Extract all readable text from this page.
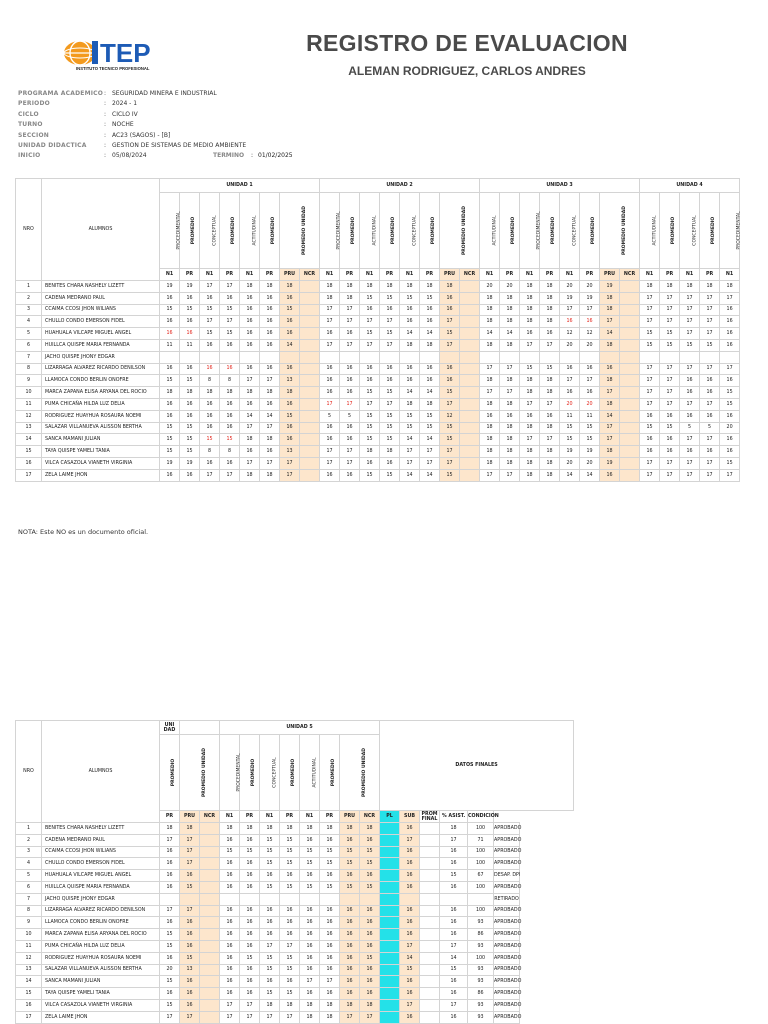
TEP
INSTITUTO TECNICO PROFESIONAL
REGISTRO DE EVALUACION
ALEMAN RODRIGUEZ, CARLOS ANDRES
PROGRAMA ACADEMICO : SEGURIDAD MINERA E INDUSTRIAL
PERIODO	: 2024 - 1
CICLO	: CICLO IV
TURNO	: NOCHE
SECCION	: AC23 (SAGOS) - [B]
UNIDAD DIDACTICA	: GESTION DE SISTEMAS DE MEDIO AMBIENTE
INICIO	: 05/08/2024	TERMINO : 01/02/2025
NRO	ALUMNOS	UNIDAD 1								UNIDAD 2								UNIDAD 3								UNIDAD 4				
		PROCEDIMENTAL	PROMEDIO	CONCEPTUAL	PROMEDIO	ACTITUDINAL	PROMEDIO	PROMEDIO UNIDAD		PROCEDIMENTAL	PROMEDIO	ACTITUDINAL	PROMEDIO	CONCEPTUAL	PROMEDIO	PROMEDIO UNIDAD		ACTITUDINAL	PROMEDIO	PROCEDIMENTAL	PROMEDIO	CONCEPTUAL	PROMEDIO	PROMEDIO UNIDAD		ACTITUDINAL	PROMEDIO	CONCEPTUAL	PROMEDIO	PROCEDIMENTAL
		N1	PR	N1	PR	N1	PR	PRU	NCR	N1	PR	N1	PR	N1	PR	PRU	NCR	N1	PR	N1	PR	N1	PR	PRU	NCR	N1	PR	N1	PR	N1
1	BENITES CHARA NASHELY LIZETT	19	19	17	17	18	18	18		18	18	18	18	18	18	18		20	20	18	18	20	20	19		18	18	18	18	18
2	CADENA MEDRANO PAUL	16	16	16	16	16	16	16		18	18	15	15	15	15	16		18	18	18	18	19	19	18		17	17	17	17	17
3	CCAIMA CCOSI JHON WILIANS	15	15	15	15	16	16	15		17	17	16	16	16	16	16		18	18	18	18	17	17	18		17	17	17	17	16
4	CHULLO CONDO EMERSON FIDEL	16	16	17	17	16	16	16		17	17	17	17	16	16	17		18	18	18	18	16	16	17		17	17	17	17	16
5	HUAHUALA VILCAPE MIGUEL ANGEL	16	16	15	15	16	16	16		16	16	15	15	14	14	15		14	14	16	16	12	12	14		15	15	17	17	16
6	HUILLCA QUISPE MARIA FERNANDA	11	11	16	16	16	16	14		17	17	17	17	18	18	17		18	18	17	17	20	20	18		15	15	15	15	16
7	JACHO QUISPE JHONY EDGAR																													
8	LIZARRAGA ALVAREZ RICARDO DENILSON	16	16	16	16	16	16	16		16	16	16	16	16	16	16		17	17	15	15	16	16	16		17	17	17	17	17
9	LLAMOCA CONDO BERLIN ONOFRE	15	15	8	8	17	17	13		16	16	16	16	16	16	16		18	18	18	18	17	17	18		17	17	16	16	16
10	MARCA ZAPANA ELISA ARYANA DEL ROCIO	18	18	18	18	18	18	18		16	16	15	15	14	14	15		17	17	18	18	16	16	17		17	17	16	16	15
11	PUMA CHICAÑA HILDA LUZ DELIA	16	16	16	16	16	16	16		17	17	17	17	18	18	17		18	18	17	17	20	20	18		17	17	17	17	15
12	RODRIGUEZ HUAYHUA ROSAURA NOEMI	16	16	16	16	14	14	15		5	5	15	15	15	15	12		16	16	16	16	11	11	14		16	16	16	16	16
13	SALAZAR VILLANUEVA ALISSON BERTHA	15	15	16	16	17	17	16		16	16	15	15	15	15	15		18	18	18	18	15	15	17		15	15	5	5	20
14	SANCA MAMANI JULIAN	15	15	15	15	18	18	16		16	16	15	15	14	14	15		18	18	17	17	15	15	17		16	16	17	17	16
15	TAYA QUISPE YAMELI TANIA	15	15	8	8	16	16	13		17	17	18	18	17	17	17		18	18	18	18	19	19	18		16	16	16	16	16
16	VILCA CASAZOLA VIANETH VIRGINIA	19	19	16	16	17	17	17		17	17	16	16	17	17	17		18	18	18	18	20	20	19		17	17	17	17	15
17	ZELA LAIME JHON	16	16	17	17	18	18	17		16	16	15	15	14	14	15		17	17	18	18	14	14	16		17	17	17	17	17
NOTA: Este NO es un documento oficial.
NRO	ALUMNOS	UNI DAD			UNIDAD 5								DATOS FINALES					
		PROMEDIO	PROMEDIO UNIDAD		PROCEDIMENTAL	PROMEDIO	CONCEPTUAL	PROMEDIO	ACTITUDINAL	PROMEDIO	PROMEDIO UNIDAD							
		PR	PRU	NCR	N1	PR	N1	PR	N1	PR	PRU	NCR	PL	SUB	PROM FINAL	% ASIST.	CONDICION	
1	BENITES CHARA NASHELY LIZETT	18	18		18	18	18	18	18	18	18	18		16		18	100	APROBADO
2	CADENA MEDRANO PAUL	17	17		16	16	15	15	16	16	16	16		17		17	71	APROBADO
3	CCAIMA CCOSI JHON WILIANS	16	17		15	15	15	15	15	15	15	15		16		16	100	APROBADO
4	CHULLO CONDO EMERSON FIDEL	16	17		16	16	15	15	15	15	15	15		16		16	100	APROBADO
5	HUAHUALA VILCAPE MIGUEL ANGEL	16	16		16	16	16	16	16	16	16	16		16		15	67	DESAP. DPI
6	HUILLCA QUISPE MARIA FERNANDA	16	15		16	16	15	15	15	15	15	15		16		16	100	APROBADO
7	JACHO QUISPE JHONY EDGAR																	RETIRADO
8	LIZARRAGA ALVAREZ RICARDO DENILSON	17	17		16	16	16	16	16	16	16	16		16		16	100	APROBADO
9	LLAMOCA CONDO BERLIN ONOFRE	16	16		16	16	16	16	16	16	16	16		16		16	93	APROBADO
10	MARCA ZAPANA ELISA ARYANA DEL ROCIO	15	16		16	16	16	16	16	16	16	16		16		16	86	APROBADO
11	PUMA CHICAÑA HILDA LUZ DELIA	15	16		16	16	17	17	16	16	16	16		17		17	93	APROBADO
12	RODRIGUEZ HUAYHUA ROSAURA NOEMI	16	15		16	15	15	15	16	16	16	15		14		14	100	APROBADO
13	SALAZAR VILLANUEVA ALISSON BERTHA	20	13		16	16	15	15	16	16	16	16		15		15	93	APROBADO
14	SANCA MAMANI JULIAN	15	16		16	16	16	16	17	17	16	16		16		16	93	APROBADO
15	TAYA QUISPE YAMELI TANIA	16	16		16	16	15	15	16	16	16	16		16		16	86	APROBADO
16	VILCA CASAZOLA VIANETH VIRGINIA	15	16		17	17	18	18	18	18	18	18		17		17	93	APROBADO
17	ZELA LAIME JHON	17	17		17	17	17	17	18	18	17	17		16		16	93	APROBADO
